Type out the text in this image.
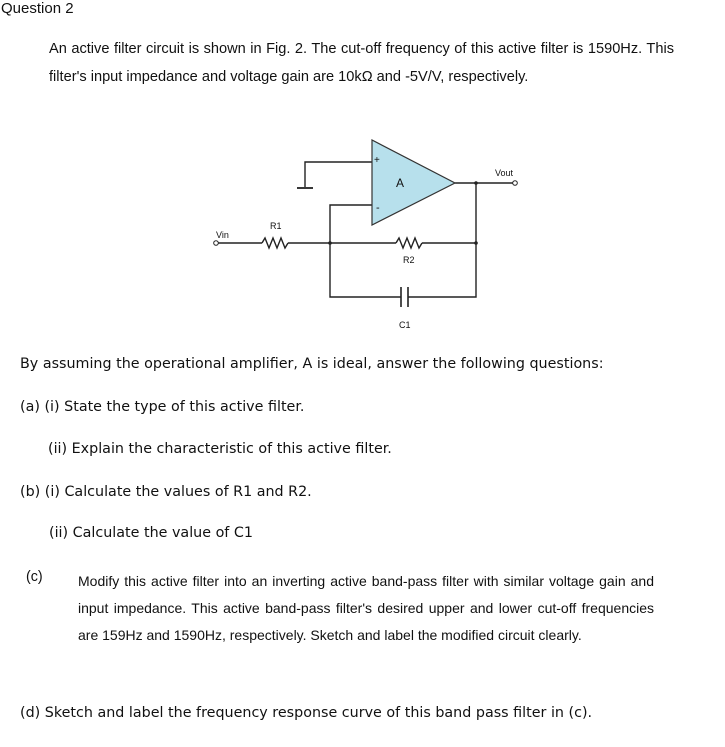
Question 2
An active filter circuit is shown in Fig. 2. The cut-off frequency of this active filter is 1590Hz. This filter's input impedance and voltage gain are 10kΩ and -5V/V, respectively.
A
+
-
Vin
Vout
R1
R2
C1
By assuming the operational amplifier, A is ideal, answer the following questions:
(a) (i) State the type of this active filter.
(ii) Explain the characteristic of this active filter.
(b) (i) Calculate the values of R1 and R2.
(ii) Calculate the value of C1
(c)	Modify this active filter into an inverting active band-pass filter with similar voltage gain and input impedance. This active band-pass filter's desired upper and lower cut-off frequencies are 159Hz and 1590Hz, respectively. Sketch and label the modified circuit clearly.
(d) Sketch and label the frequency response curve of this band pass filter in (c).
